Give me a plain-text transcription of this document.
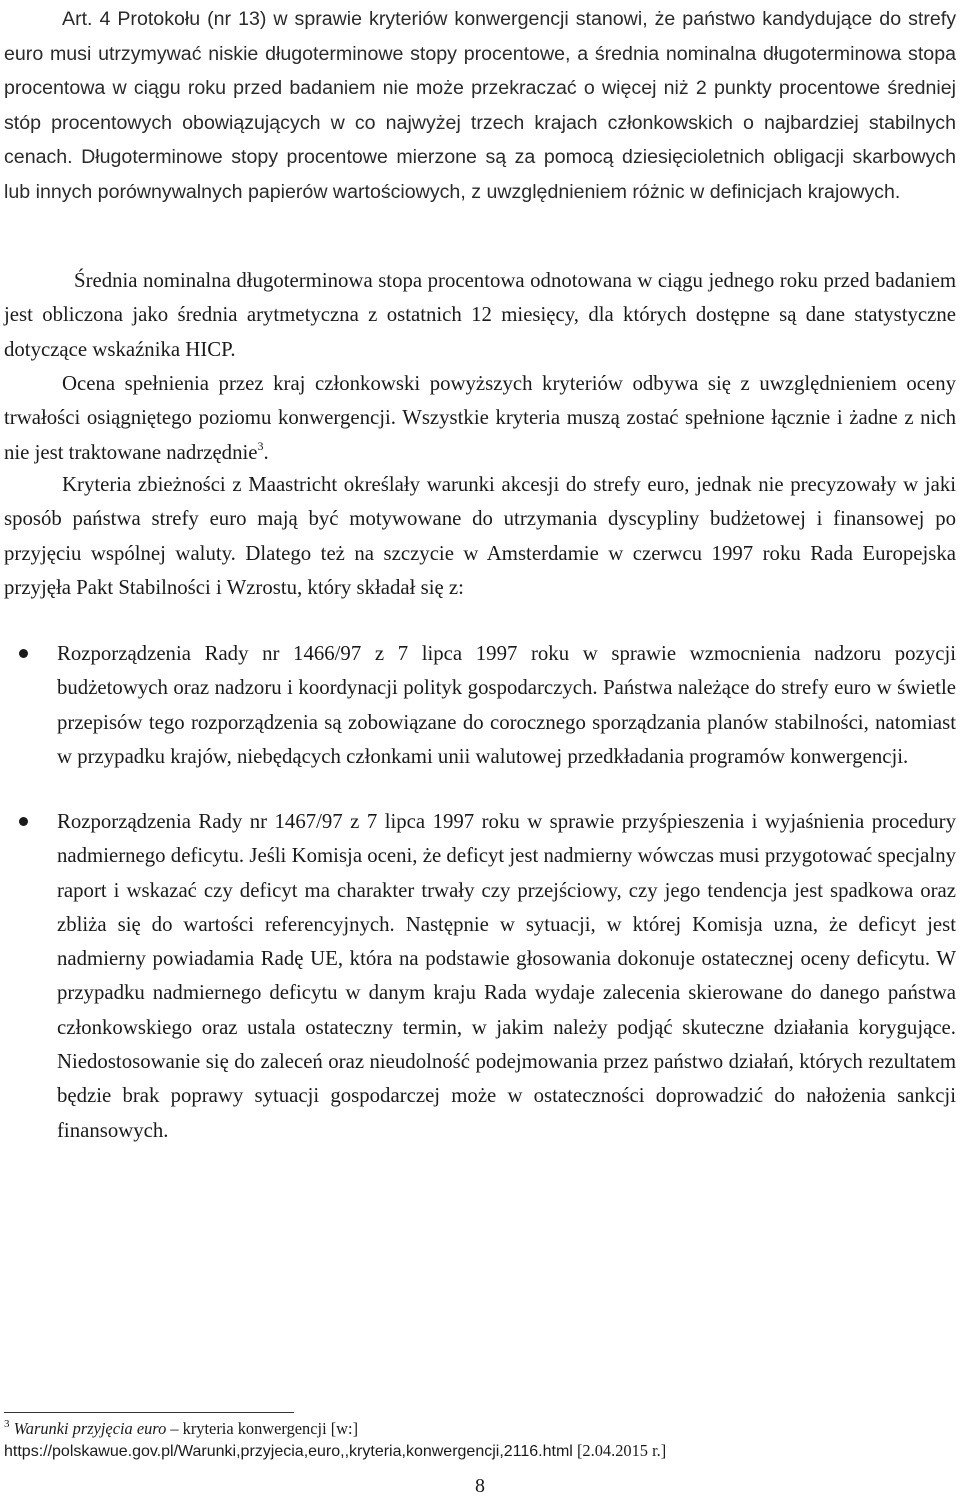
Art. 4 Protokołu (nr 13) w sprawie kryteriów konwergencji stanowi, że państwo kandydujące do strefy euro musi utrzymywać niskie długoterminowe stopy procentowe, a średnia nominalna długoterminowa stopa procentowa w ciągu roku przed badaniem nie może przekraczać o więcej niż 2 punkty procentowe średniej stóp procentowych obowiązujących w co najwyżej trzech krajach członkowskich o najbardziej stabilnych cenach. Długoterminowe stopy procentowe mierzone są za pomocą dziesięcioletnich obligacji skarbowych lub innych porównywalnych papierów wartościowych, z uwzględnieniem różnic w definicjach krajowych.

Średnia nominalna długoterminowa stopa procentowa odnotowana w ciągu jednego roku przed badaniem jest obliczona jako średnia arytmetyczna z ostatnich 12 miesięcy, dla których dostępne są dane statystyczne dotyczące wskaźnika HICP.

Ocena spełnienia przez kraj członkowski powyższych kryteriów odbywa się z uwzględnieniem oceny trwałości osiągniętego poziomu konwergencji. Wszystkie kryteria muszą zostać spełnione łącznie i żadne z nich nie jest traktowane nadrzędnie$^3$.

Kryteria zbieżności z Maastricht określały warunki akcesji do strefy euro, jednak nie precyzowały w jaki sposób państwa strefy euro mają być motywowane do utrzymania dyscypliny budżetowej i finansowej po przyjęciu wspólnej waluty. Dlatego też na szczycie w Amsterdamie w czerwcu 1997 roku Rada Europejska przyjęła Pakt Stabilności i Wzrostu, który składał się z:

Rozporządzenia Rady nr 1466/97 z 7 lipca 1997 roku w sprawie wzmocnienia nadzoru pozycji budżetowych oraz nadzoru i koordynacji polityk gospodarczych. Państwa należące do strefy euro w świetle przepisów tego rozporządzenia są zobowiązane do corocznego sporządzania planów stabilności, natomiast w przypadku krajów, niebędących członkami unii walutowej przedkładania programów konwergencji.

Rozporządzenia Rady nr 1467/97 z 7 lipca 1997 roku w sprawie przyśpieszenia i wyjaśnienia procedury nadmiernego deficytu. Jeśli Komisja oceni, że deficyt jest nadmierny wówczas musi przygotować specjalny raport i wskazać czy deficyt ma charakter trwały czy przejściowy, czy jego tendencja jest spadkowa oraz zbliża się do wartości referencyjnych. Następnie w sytuacji, w której Komisja uzna, że deficyt jest nadmierny powiadamia Radę UE, która na podstawie głosowania dokonuje ostatecznej oceny deficytu. W przypadku nadmiernego deficytu w danym kraju Rada wydaje zalecenia skierowane do danego państwa członkowskiego oraz ustala ostateczny termin, w jakim należy podjąć skuteczne działania korygujące. Niedostosowanie się do zaleceń oraz nieudolność podejmowania przez państwo działań, których rezultatem będzie brak poprawy sytuacji gospodarczej może w ostateczności doprowadzić do nałożenia sankcji finansowych.

$^3$ Warunki przyjęcia euro – kryteria konwergencji [w:]
https://polskawue.gov.pl/Warunki,przyjecia,euro,,kryteria,konwergencji,2116.html [2.04.2015 r.]
8
